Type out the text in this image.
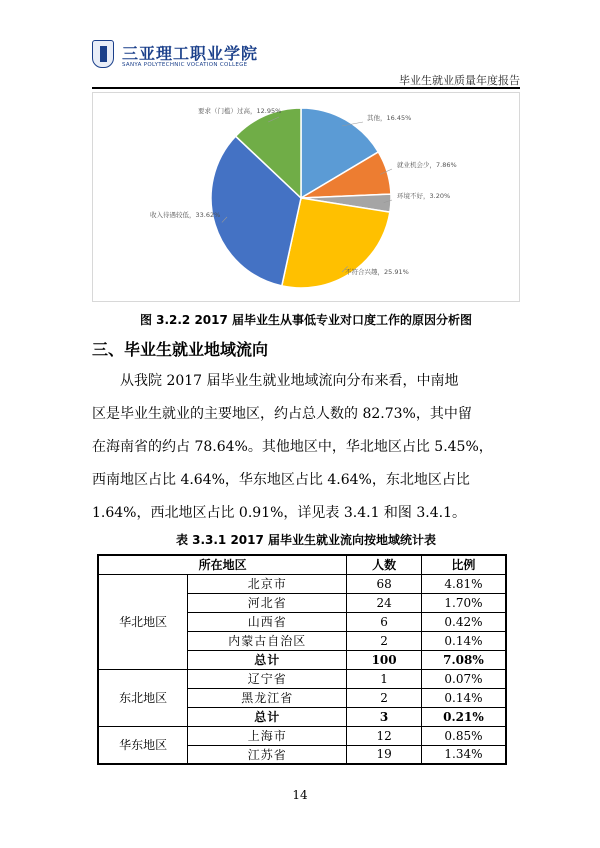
三亚理工职业学院
SANYA POLYTECHNIC VOCATION COLLEGE
毕业生就业质量年度报告
其他，16.45%
就业机会少，7.86%
环境不好，3.20%
不符合兴趣，25.91%
收入待遇较低，33.62%
要求（门槛）过高，12.95%
图 3.2.2 2017 届毕业生从事低专业对口度工作的原因分析图
三、毕业生就业地域流向
从我院 2017 届毕业生就业地域流向分布来看，中南地
区是毕业生就业的主要地区，约占总人数的 82.73%，其中留
在海南省的约占 78.64%。其他地区中，华北地区占比 5.45%，
西南地区占比 4.64%，华东地区占比 4.64%，东北地区占比
1.64%，西北地区占比 0.91%，详见表 3.4.1 和图 3.4.1。
表 3.3.1 2017 届毕业生就业流向按地域统计表
所在地区		人数	比例
华北地区	北京市	68	4.81%
	河北省	24	1.70%
	山西省	6	0.42%
	内蒙古自治区	2	0.14%
	总计	100	7.08%
东北地区	辽宁省	1	0.07%
	黑龙江省	2	0.14%
	总计	3	0.21%
华东地区	上海市	12	0.85%
	江苏省	19	1.34%
14
